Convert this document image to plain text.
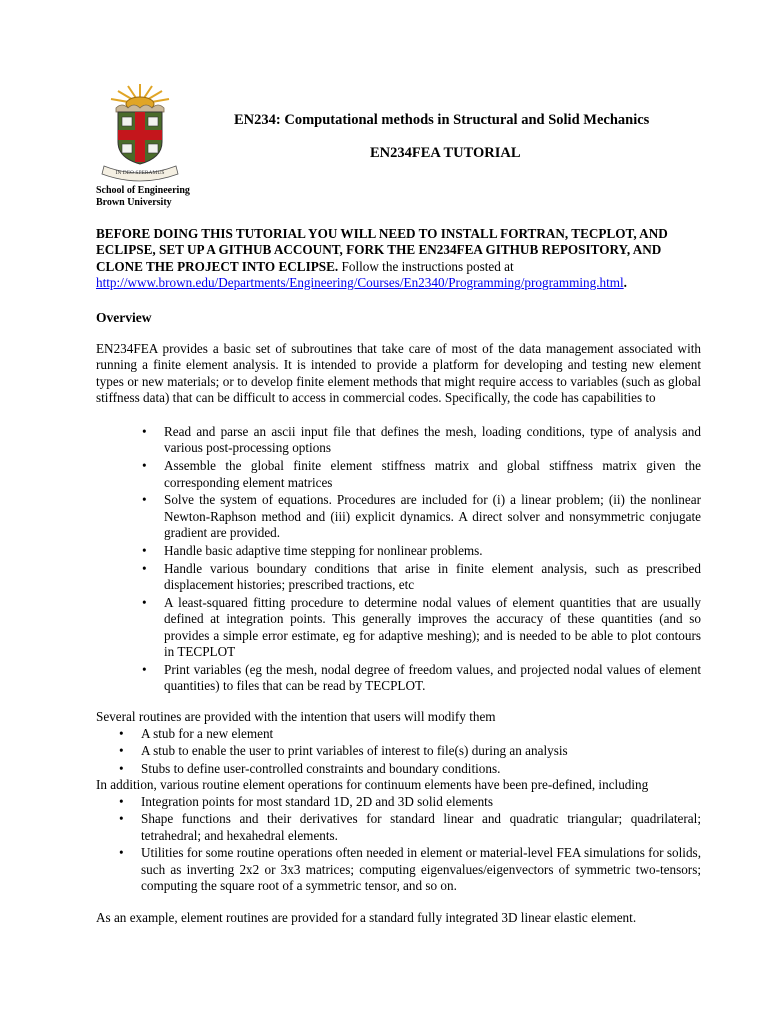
IN DEO SPERAMUS
EN234: Computational methods in Structural and Solid Mechanics
EN234FEA TUTORIAL
School of Engineering
Brown University
BEFORE DOING THIS TUTORIAL YOU WILL NEED TO INSTALL FORTRAN, TECPLOT, AND ECLIPSE, SET UP A GITHUB ACCOUNT, FORK THE EN234FEA GITHUB REPOSITORY, AND CLONE THE PROJECT INTO ECLIPSE. Follow the instructions posted at
http://www.brown.edu/Departments/Engineering/Courses/En2340/Programming/programming.html.
Overview
EN234FEA provides a basic set of subroutines that take care of most of the data management associated with running a finite element analysis. It is intended to provide a platform for developing and testing new element types or new materials; or to develop finite element methods that might require access to variables (such as global stiffness data) that can be difficult to access in commercial codes. Specifically, the code has capabilities to
• Read and parse an ascii input file that defines the mesh, loading conditions, type of analysis and various post-processing options
• Assemble the global finite element stiffness matrix and global stiffness matrix given the corresponding element matrices
• Solve the system of equations. Procedures are included for (i) a linear problem; (ii) the nonlinear Newton-Raphson method and (iii) explicit dynamics. A direct solver and nonsymmetric conjugate gradient are provided.
• Handle basic adaptive time stepping for nonlinear problems.
• Handle various boundary conditions that arise in finite element analysis, such as prescribed displacement histories; prescribed tractions, etc
• A least-squared fitting procedure to determine nodal values of element quantities that are usually defined at integration points. This generally improves the accuracy of these quantities (and so provides a simple error estimate, eg for adaptive meshing); and is needed to be able to plot contours in TECPLOT
• Print variables (eg the mesh, nodal degree of freedom values, and projected nodal values of element quantities) to files that can be read by TECPLOT.
Several routines are provided with the intention that users will modify them
• A stub for a new element
• A stub to enable the user to print variables of interest to file(s) during an analysis
• Stubs to define user-controlled constraints and boundary conditions.
In addition, various routine element operations for continuum elements have been pre-defined, including
• Integration points for most standard 1D, 2D and 3D solid elements
• Shape functions and their derivatives for standard linear and quadratic triangular; quadrilateral; tetrahedral; and hexahedral elements.
• Utilities for some routine operations often needed in element or material-level FEA simulations for solids, such as inverting 2x2 or 3x3 matrices; computing eigenvalues/eigenvectors of symmetric two-tensors; computing the square root of a symmetric tensor, and so on.
As an example, element routines are provided for a standard fully integrated 3D linear elastic element.
